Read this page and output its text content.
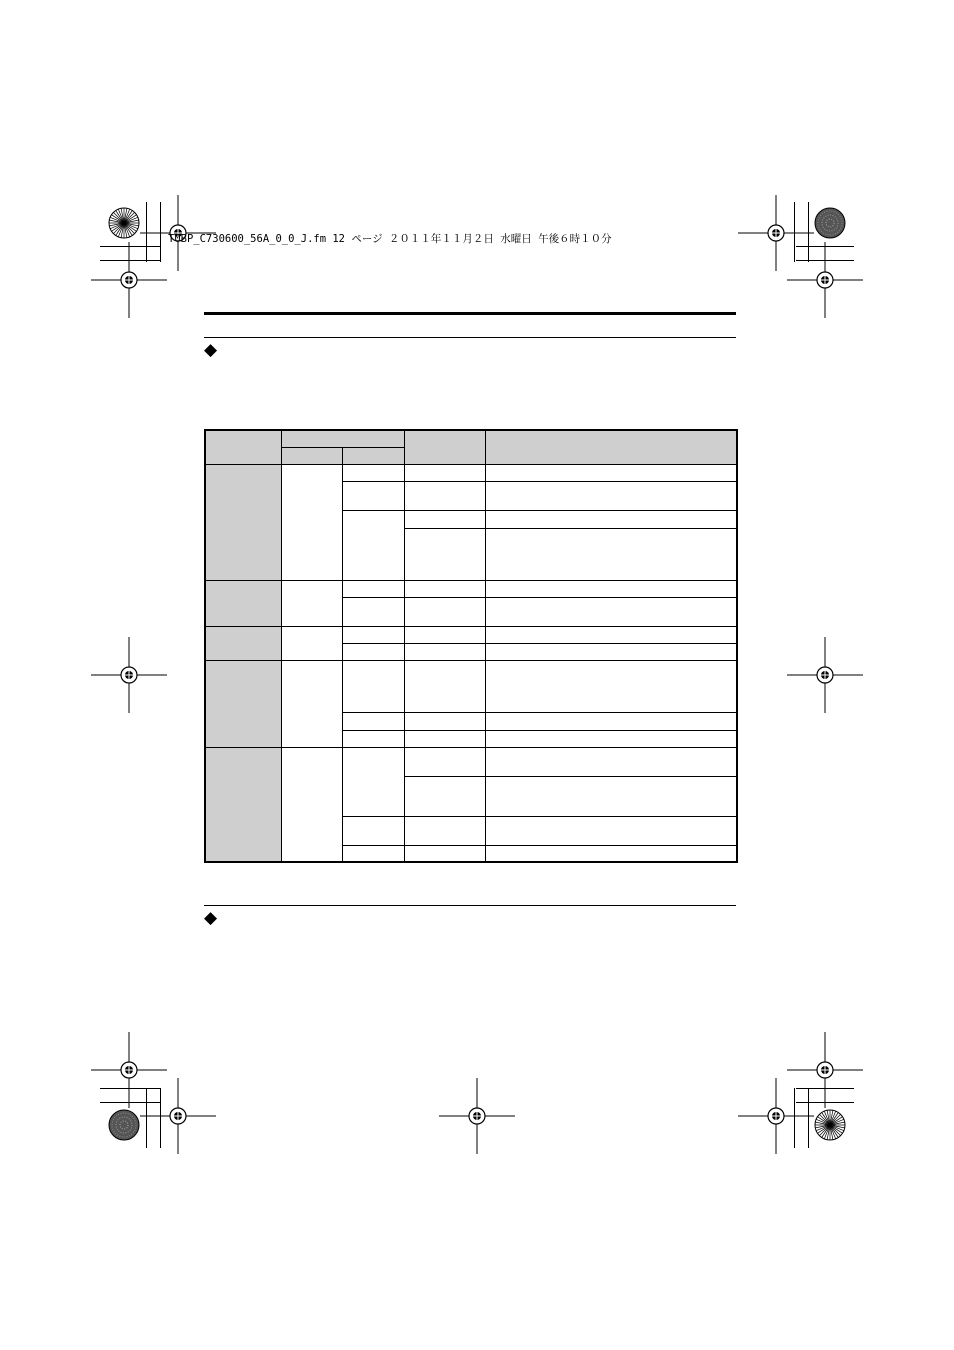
T0BP_C730600_56A_0_0_J.fm 12 ページ ２０１１年１１月２日 水曜日 午後６時１０分
◆

◆
